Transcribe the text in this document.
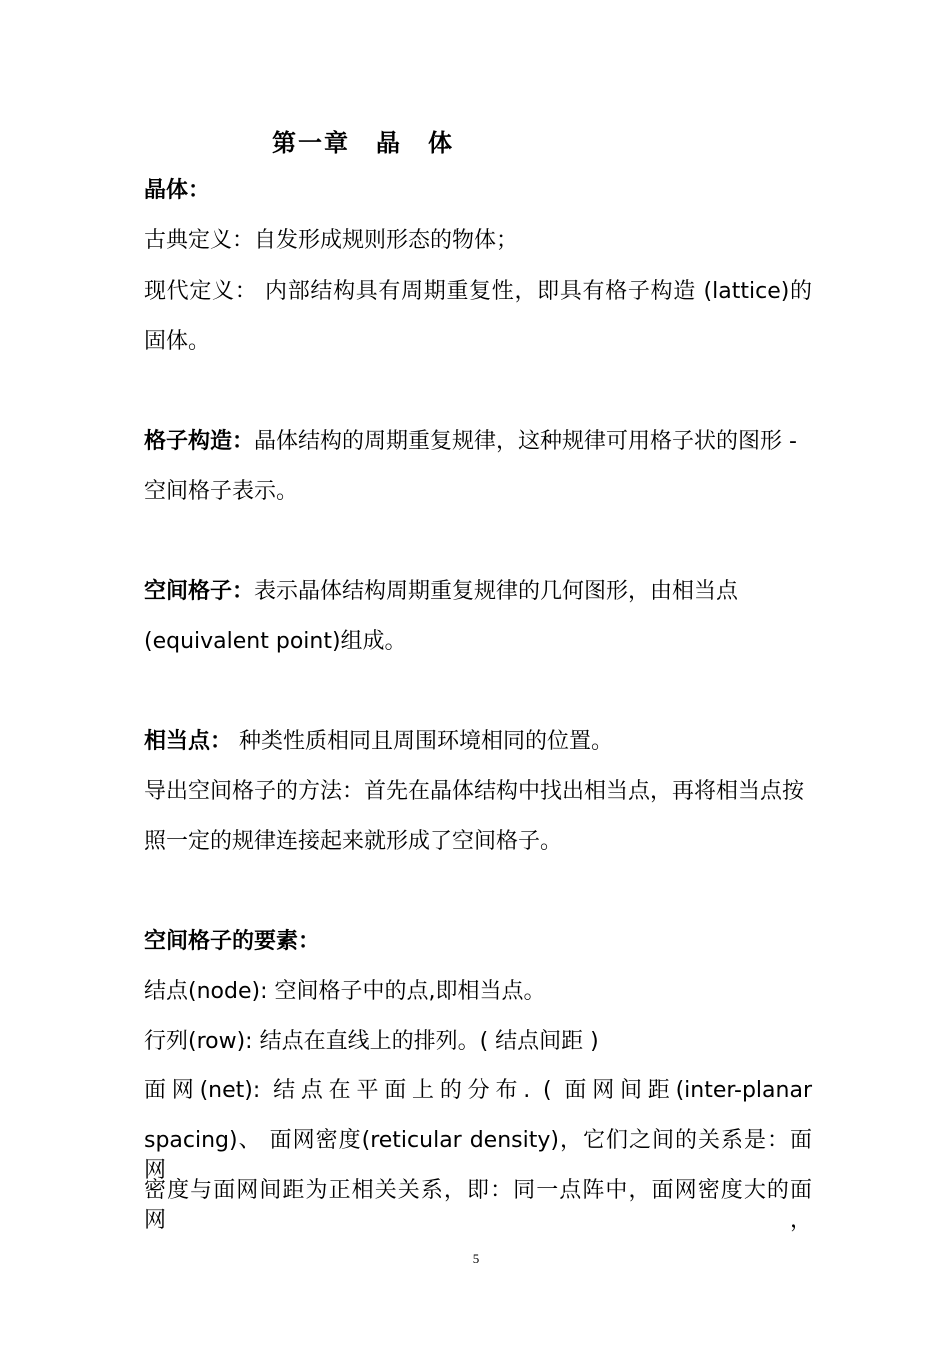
第一章　晶　体
晶体：
古典定义：自发形成规则形态的物体；
现代定义： 内部结构具有周期重复性，即具有格子构造 (lattice)的
固体。
格子构造：晶体结构的周期重复规律，这种规律可用格子状的图形 -
空间格子表示。
空间格子：表示晶体结构周期重复规律的几何图形，由相当点
(equivalent point)组成。
相当点： 种类性质相同且周围环境相同的位置。
导出空间格子的方法：首先在晶体结构中找出相当点，再将相当点按
照一定的规律连接起来就形成了空间格子。
空间格子的要素：
结点(node): 空间格子中的点,即相当点。
行列(row): 结点在直线上的排列。( 结点间距 )
面网(net): 结点在平面上的分布. ( 面网间距(inter-planar
spacing)、 面网密度(reticular density)，它们之间的关系是：面网
密度与面网间距为正相关关系，即：同一点阵中，面网密度大的面网，
5
